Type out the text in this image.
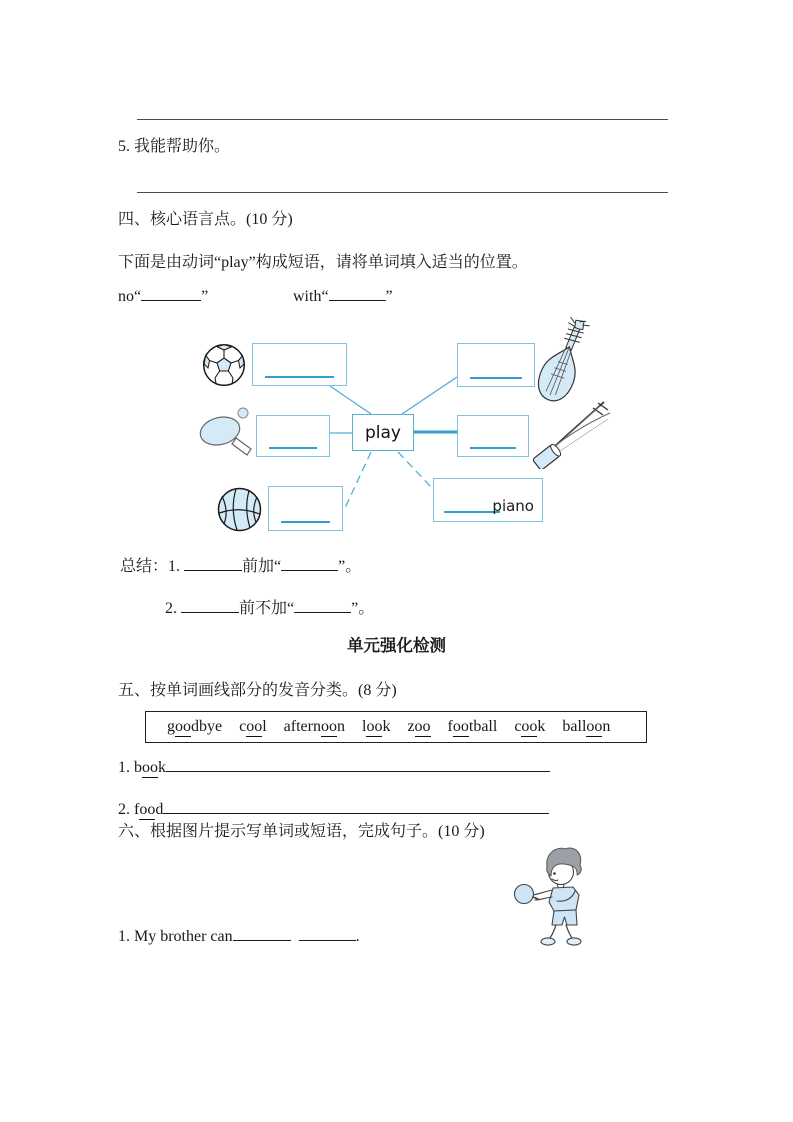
5. 我能帮助你。
四、核心语言点。(10 分)
下面是由动词“play”构成短语，请将单词填入适当的位置。
no“	”	with“	”
piano
play
总结：1.	前加“	”。
2.	前不加“	”。
单元强化检测
五、按单词画线部分的发音分类。(8 分)
goodbye cool afternoon look zoo football cook balloon
1. book
2. food
六、根据图片提示写单词或短语，完成句子。(10 分)
1. My brother can	.
